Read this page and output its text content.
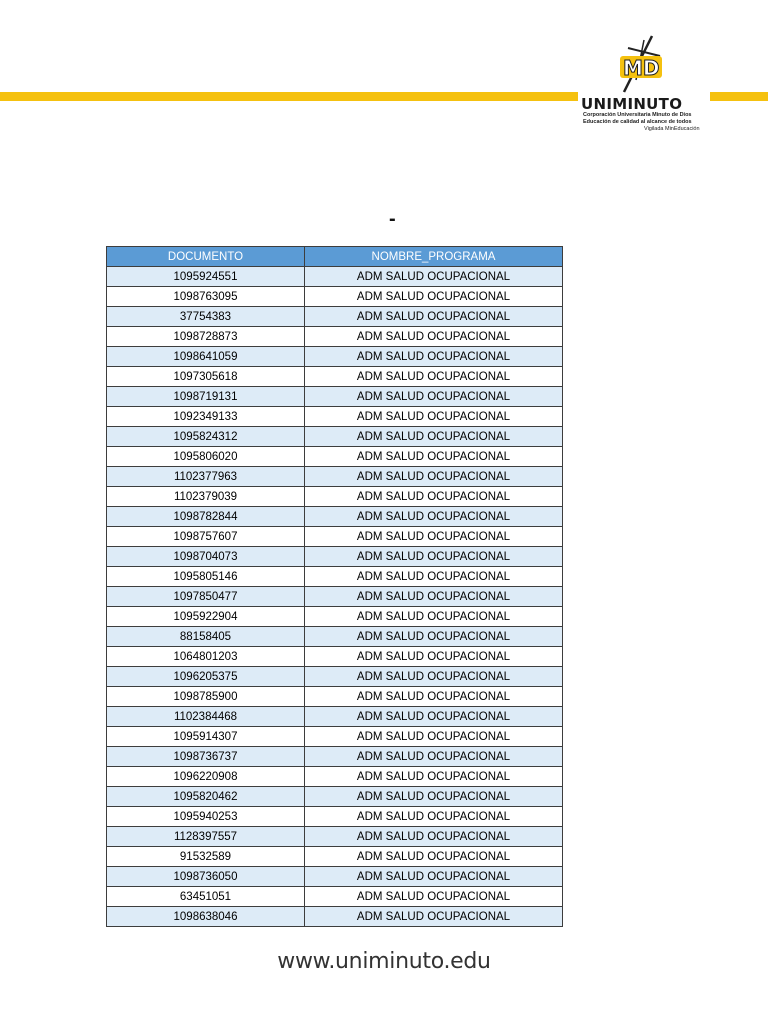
MD
UNIMINUTO
Corporación Universitaria Minuto de Dios
Educación de calidad al alcance de todos
Vigilada MinEducación
-
DOCUMENTO	NOMBRE_PROGRAMA
1095924551	ADM SALUD OCUPACIONAL
1098763095	ADM SALUD OCUPACIONAL
37754383	ADM SALUD OCUPACIONAL
1098728873	ADM SALUD OCUPACIONAL
1098641059	ADM SALUD OCUPACIONAL
1097305618	ADM SALUD OCUPACIONAL
1098719131	ADM SALUD OCUPACIONAL
1092349133	ADM SALUD OCUPACIONAL
1095824312	ADM SALUD OCUPACIONAL
1095806020	ADM SALUD OCUPACIONAL
1102377963	ADM SALUD OCUPACIONAL
1102379039	ADM SALUD OCUPACIONAL
1098782844	ADM SALUD OCUPACIONAL
1098757607	ADM SALUD OCUPACIONAL
1098704073	ADM SALUD OCUPACIONAL
1095805146	ADM SALUD OCUPACIONAL
1097850477	ADM SALUD OCUPACIONAL
1095922904	ADM SALUD OCUPACIONAL
88158405	ADM SALUD OCUPACIONAL
1064801203	ADM SALUD OCUPACIONAL
1096205375	ADM SALUD OCUPACIONAL
1098785900	ADM SALUD OCUPACIONAL
1102384468	ADM SALUD OCUPACIONAL
1095914307	ADM SALUD OCUPACIONAL
1098736737	ADM SALUD OCUPACIONAL
1096220908	ADM SALUD OCUPACIONAL
1095820462	ADM SALUD OCUPACIONAL
1095940253	ADM SALUD OCUPACIONAL
1128397557	ADM SALUD OCUPACIONAL
91532589	ADM SALUD OCUPACIONAL
1098736050	ADM SALUD OCUPACIONAL
63451051	ADM SALUD OCUPACIONAL
1098638046	ADM SALUD OCUPACIONAL
www.uniminuto.edu
